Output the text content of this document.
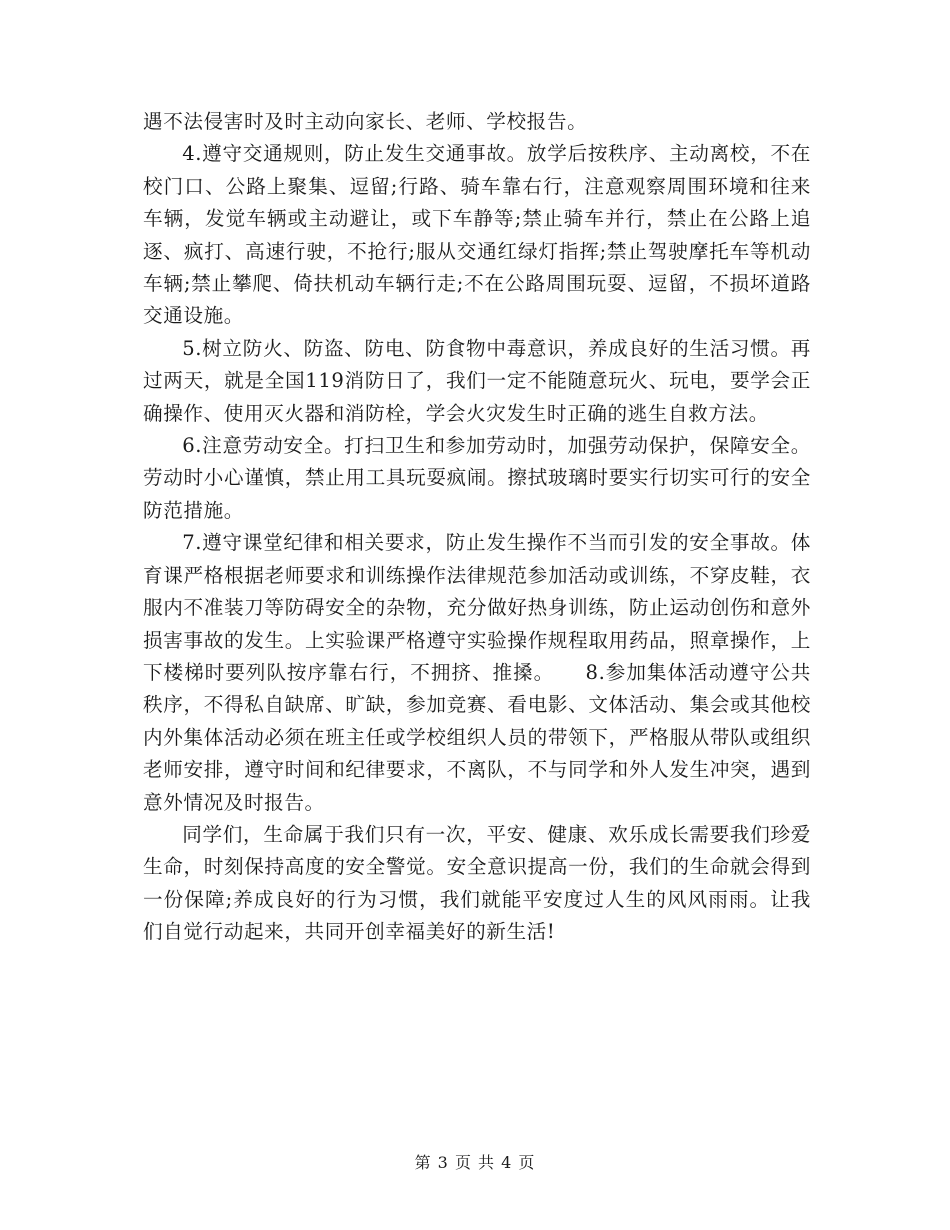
遇不法侵害时及时主动向家长、老师、学校报告。

4.遵守交通规则，防止发生交通事故。放学后按秩序、主动离校，不在校门口、公路上聚集、逗留;行路、骑车靠右行，注意观察周围环境和往来车辆，发觉车辆或主动避让，或下车静等;禁止骑车并行，禁止在公路上追逐、疯打、高速行驶，不抢行;服从交通红绿灯指挥;禁止驾驶摩托车等机动车辆;禁止攀爬、倚扶机动车辆行走;不在公路周围玩耍、逗留，不损坏道路交通设施。

5.树立防火、防盗、防电、防食物中毒意识，养成良好的生活习惯。再过两天，就是全国119消防日了，我们一定不能随意玩火、玩电，要学会正确操作、使用灭火器和消防栓，学会火灾发生时正确的逃生自救方法。

6.注意劳动安全。打扫卫生和参加劳动时，加强劳动保护，保障安全。劳动时小心谨慎，禁止用工具玩耍疯闹。擦拭玻璃时要实行切实可行的安全防范措施。

7.遵守课堂纪律和相关要求，防止发生操作不当而引发的安全事故。体育课严格根据老师要求和训练操作法律规范参加活动或训练，不穿皮鞋，衣服内不准装刀等防碍安全的杂物，充分做好热身训练，防止运动创伤和意外损害事故的发生。上实验课严格遵守实验操作规程取用药品，照章操作，上下楼梯时要列队按序靠右行，不拥挤、推搡。　　8.参加集体活动遵守公共秩序，不得私自缺席、旷缺，参加竞赛、看电影、文体活动、集会或其他校内外集体活动必须在班主任或学校组织人员的带领下，严格服从带队或组织老师安排，遵守时间和纪律要求，不离队，不与同学和外人发生冲突，遇到意外情况及时报告。

同学们，生命属于我们只有一次，平安、健康、欢乐成长需要我们珍爱生命，时刻保持高度的安全警觉。安全意识提高一份，我们的生命就会得到一份保障;养成良好的行为习惯，我们就能平安度过人生的风风雨雨。让我们自觉行动起来，共同开创幸福美好的新生活!

第 3 页 共 4 页
